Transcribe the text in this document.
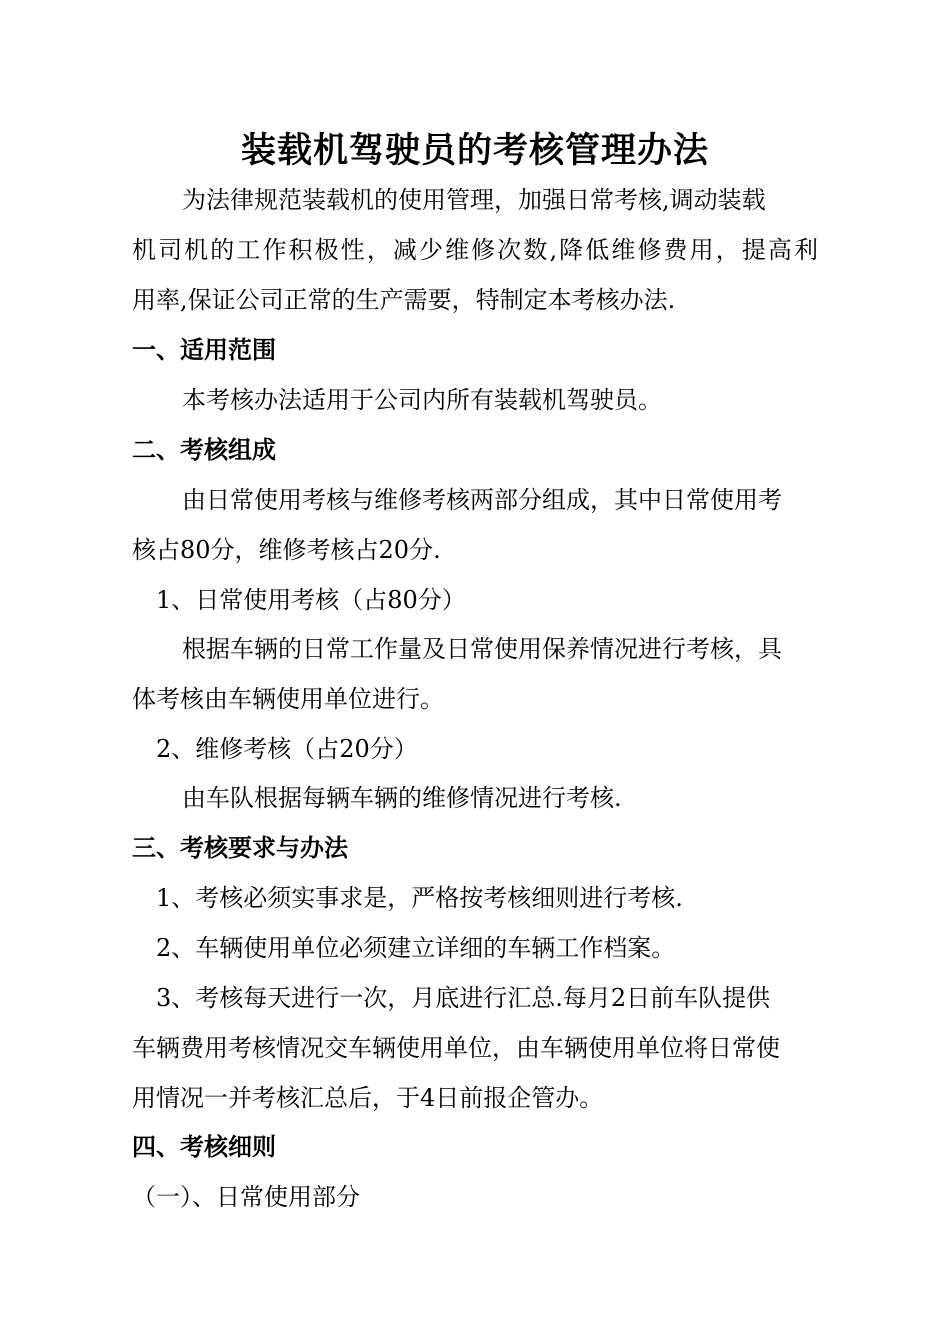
装载机驾驶员的考核管理办法
为法律规范装载机的使用管理，加强日常考核,调动装载
机司机的工作积极性，减少维修次数,降低维修费用，提高利
用率,保证公司正常的生产需要，特制定本考核办法.
一、适用范围
本考核办法适用于公司内所有装载机驾驶员。
二、考核组成
由日常使用考核与维修考核两部分组成，其中日常使用考
核占80分，维修考核占20分.
1、日常使用考核（占80分）
根据车辆的日常工作量及日常使用保养情况进行考核，具
体考核由车辆使用单位进行。
2、维修考核（占20分）
由车队根据每辆车辆的维修情况进行考核.
三、考核要求与办法
1、考核必须实事求是，严格按考核细则进行考核.
2、车辆使用单位必须建立详细的车辆工作档案。
3、考核每天进行一次，月底进行汇总.每月2日前车队提供
车辆费用考核情况交车辆使用单位，由车辆使用单位将日常使
用情况一并考核汇总后，于4日前报企管办。
四、考核细则
（一）、日常使用部分
